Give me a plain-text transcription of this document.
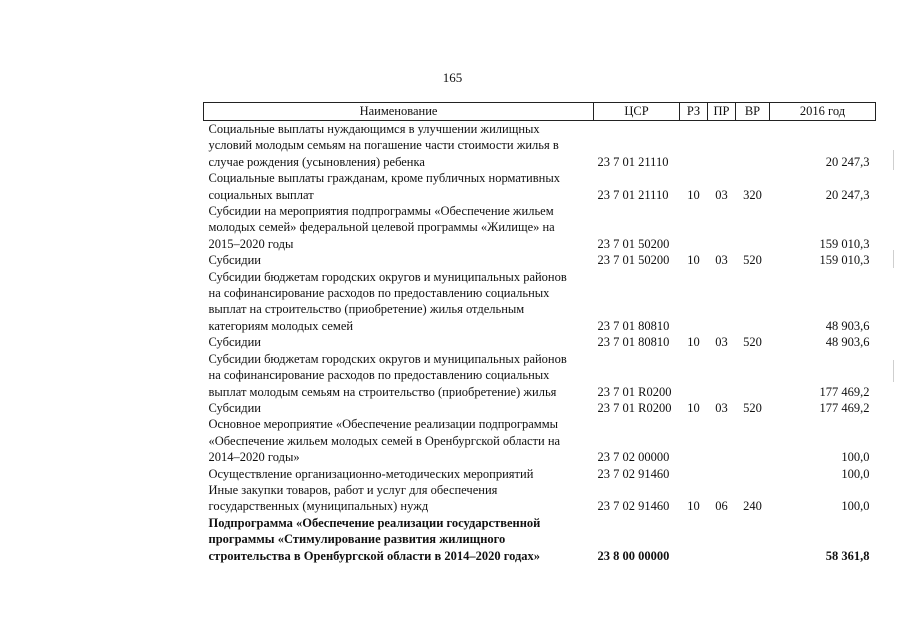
165
Наименование	ЦСР	РЗ	ПР	ВР	2016 год

Социальные выплаты нуждающимся в улучшении жилищных
условий молодым семьям на погашение части стоимости жилья в
случае рождения (усыновления) ребенка	23 7 01 21110				20 247,3

Социальные выплаты гражданам, кроме публичных нормативных
социальных выплат	23 7 01 21110	10	03	320	20 247,3

Субсидии на мероприятия подпрограммы «Обеспечение жильем
молодых семей» федеральной целевой программы «Жилище» на
2015–2020 годы	23 7 01 50200				159 010,3

Субсидии	23 7 01 50200	10	03	520	159 010,3

Субсидии бюджетам городских округов и муниципальных районов
на софинансирование расходов по предоставлению социальных
выплат на строительство (приобретение) жилья отдельным
категориям молодых семей	23 7 01 80810				48 903,6

Субсидии	23 7 01 80810	10	03	520	48 903,6

Субсидии бюджетам городских округов и муниципальных районов
на софинансирование расходов по предоставлению социальных
выплат молодым семьям на строительство (приобретение) жилья	23 7 01 R0200				177 469,2

Субсидии	23 7 01 R0200	10	03	520	177 469,2

Основное мероприятие «Обеспечение реализации подпрограммы
«Обеспечение жильем молодых семей в Оренбургской области на
2014–2020 годы»	23 7 02 00000				100,0

Осуществление организационно-методических мероприятий	23 7 02 91460				100,0

Иные закупки товаров, работ и услуг для обеспечения
государственных (муниципальных) нужд	23 7 02 91460	10	06	240	100,0

Подпрограмма «Обеспечение реализации государственной
программы «Стимулирование развития жилищного
строительства в Оренбургской области в 2014–2020 годах»	23 8 00 00000				58 361,8
